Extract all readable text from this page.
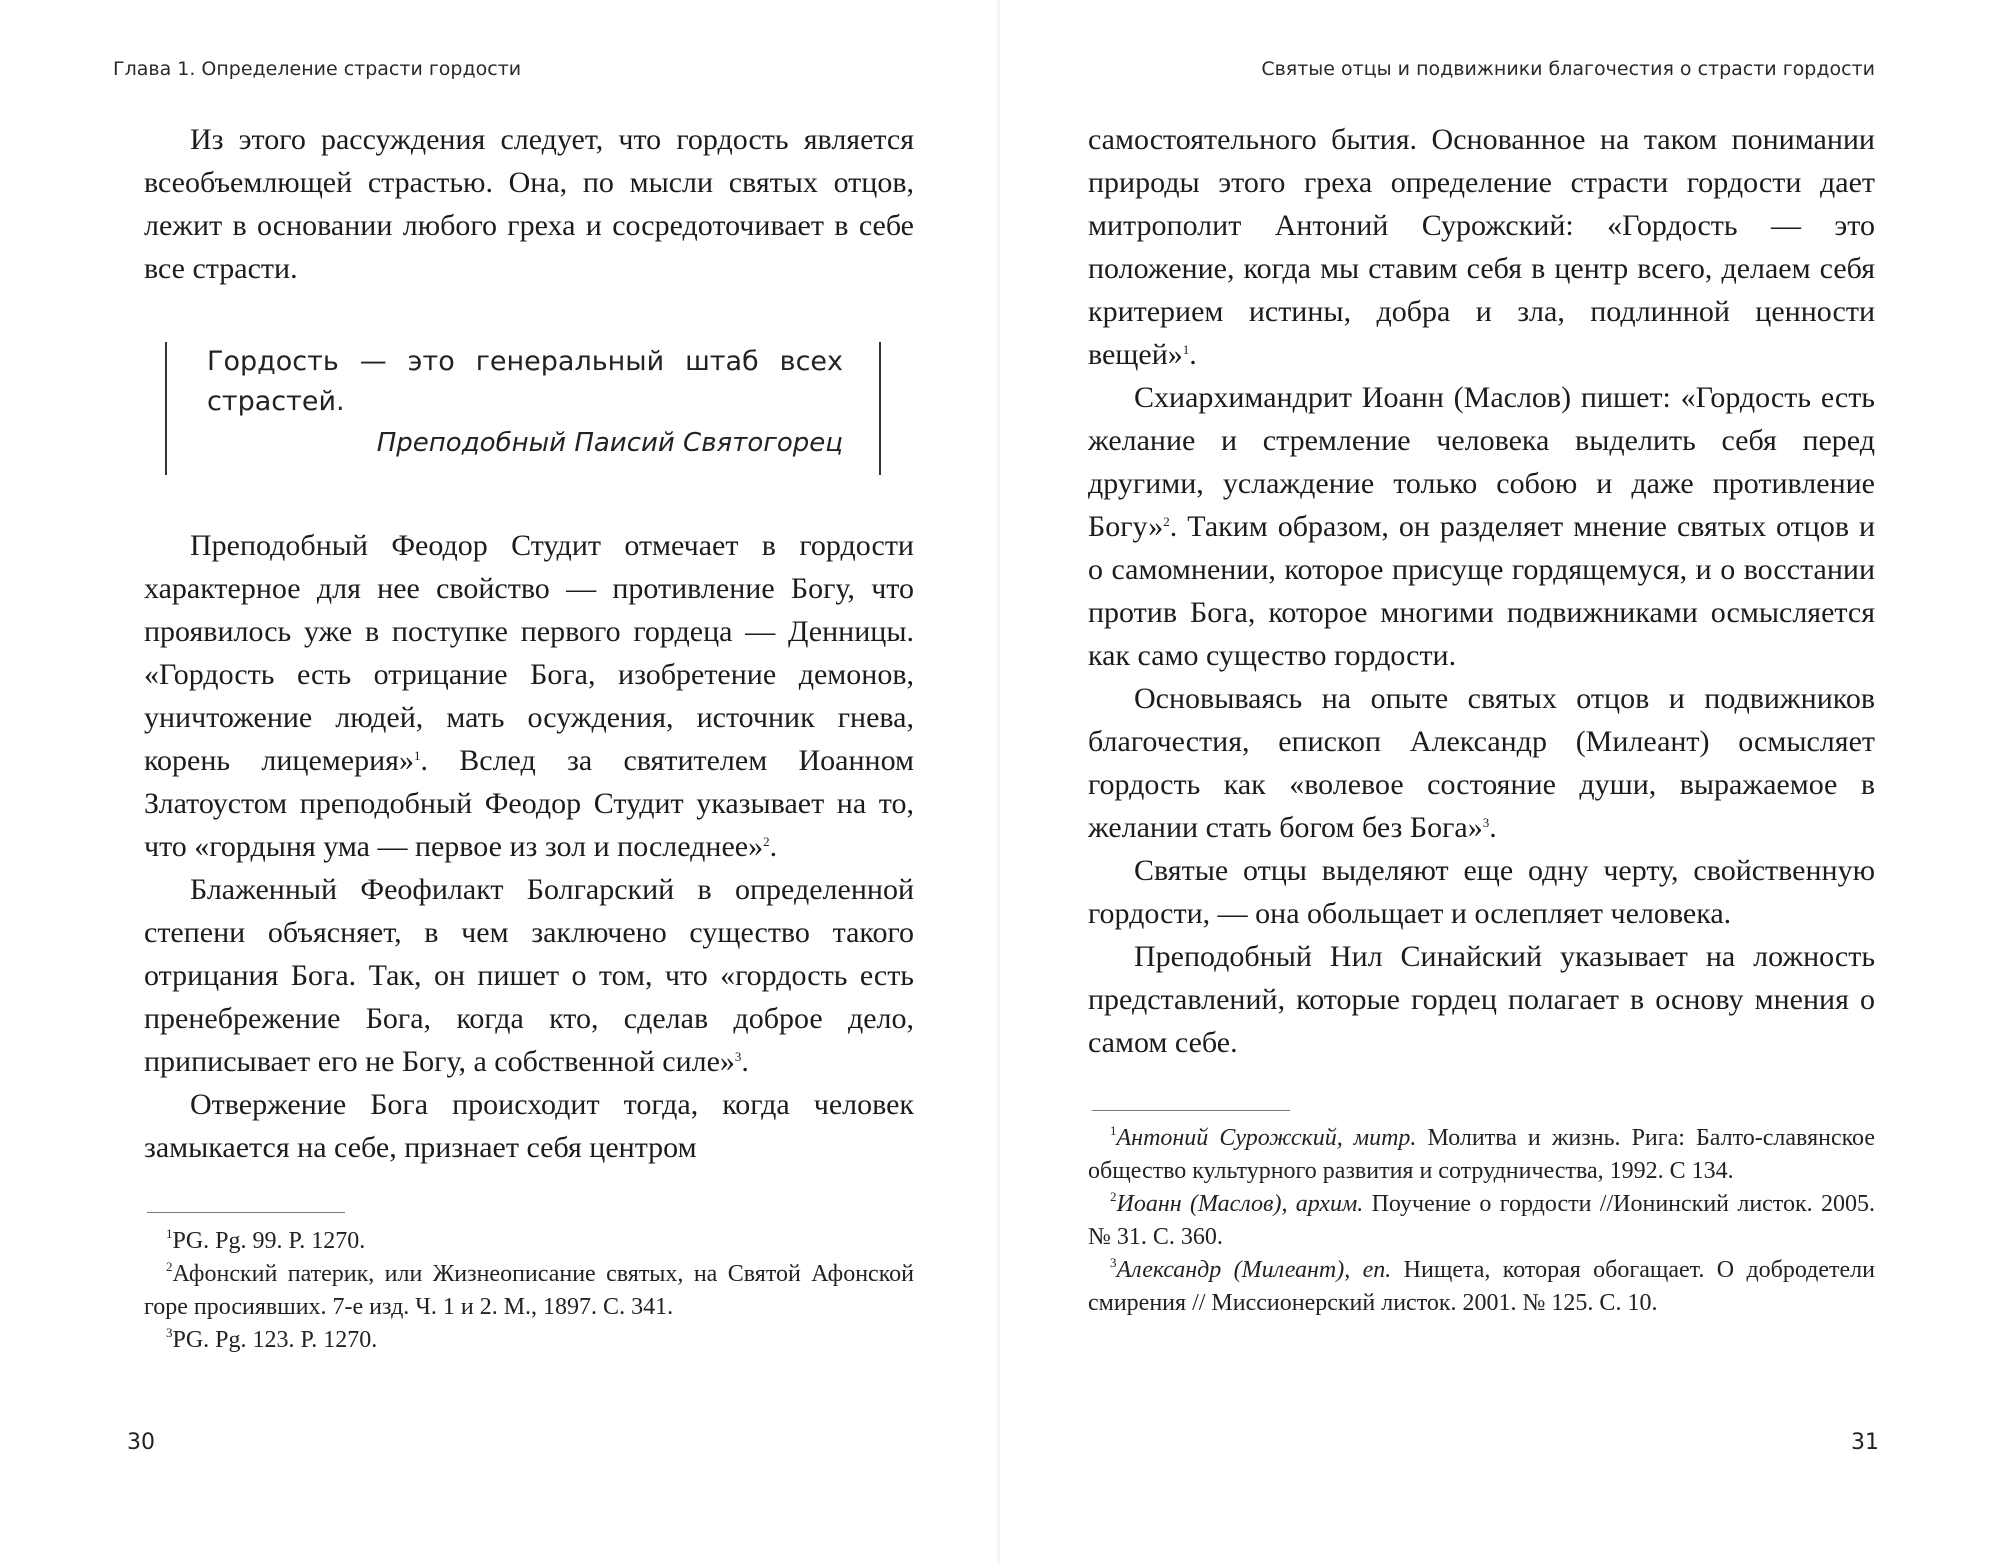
Глава 1. Определение страсти гордости

Из этого рассуждения следует, что гордость является всеобъемлющей страстью. Она, по мысли святых отцов, лежит в основании любого греха и сосредоточивает в себе все страсти.

Гордость — это генеральный штаб всех страстей.
Преподобный Паисий Святогорец

Преподобный Феодор Студит отмечает в гордости характерное для нее свойство — противление Богу, что проявилось уже в поступке первого гордеца — Денницы. «Гордость есть отрицание Бога, изобретение демонов, уничтожение людей, мать осуждения, источник гнева, корень лицемерия»$^1$. Вслед за святителем Иоанном Златоустом преподобный Феодор Студит указывает на то, что «гордыня ума — первое из зол и последнее»$^2$.

Блаженный Феофилакт Болгарский в определенной степени объясняет, в чем заключено существо такого отрицания Бога. Так, он пишет о том, что «гордость есть пренебрежение Бога, когда кто, сделав доброе дело, приписывает его не Богу, а собственной силе»$^3$.

Отвержение Бога происходит тогда, когда человек замыкается на себе, признает себя центром

$^1$PG. Pg. 99. P. 1270.

$^2$Афонский патерик, или Жизнеописание святых, на Святой Афонской горе просиявших. 7-е изд. Ч. 1 и 2. М., 1897. С. 341.

$^3$PG. Pg. 123. P. 1270.

30
Святые отцы и подвижники благочестия о страсти гордости

самостоятельного бытия. Основанное на таком понимании природы этого греха определение страсти гордости дает митрополит Антоний Сурожский: «Гордость — это положение, когда мы ставим себя в центр всего, делаем себя критерием истины, добра и зла, подлинной ценности вещей»$^1$.

Схиархимандрит Иоанн (Маслов) пишет: «Гордость есть желание и стремление человека выделить себя перед другими, услаждение только собою и даже противление Богу»$^2$. Таким образом, он разделяет мнение святых отцов и о самомнении, которое присуще гордящемуся, и о восстании против Бога, которое многими подвижниками осмысляется как само существо гордости.

Основываясь на опыте святых отцов и подвижников благочестия, епископ Александр (Милеант) осмысляет гордость как «волевое состояние души, выражаемое в желании стать богом без Бога»$^3$.

Святые отцы выделяют еще одну черту, свойственную гордости, — она обольщает и ослепляет человека.

Преподобный Нил Синайский указывает на ложность представлений, которые гордец полагает в основу мнения о самом себе.

$^1$Антоний Сурожский, митр. Молитва и жизнь. Рига: Балто-славянское общество культурного развития и сотрудничества, 1992. С 134.

$^2$Иоанн (Маслов), архим. Поучение о гордости //Ионинский листок. 2005. № 31. С. 360.

$^3$Александр (Милеант), еп. Нищета, которая обогащает. О добродетели смирения // Миссионерский листок. 2001. № 125. С. 10.

31
